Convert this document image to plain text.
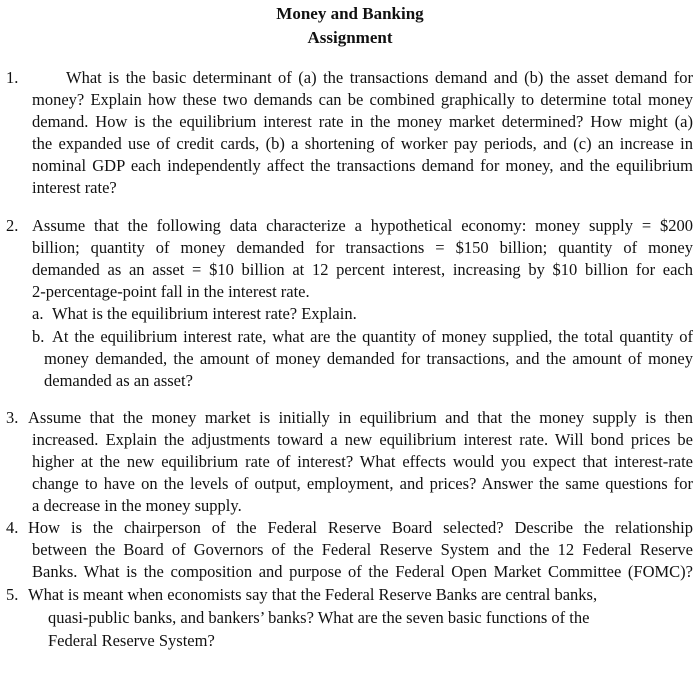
Money and Banking
Assignment
1.	What is the basic determinant of (a) the transactions demand and (b) the asset demand for
money? Explain how these two demands can be combined graphically to determine total money
demand. How is the equilibrium interest rate in the money market determined? How might (a)
the expanded use of credit cards, (b) a shortening of worker pay periods, and (c) an increase in
nominal GDP each independently affect the transactions demand for money, and the equilibrium
interest rate?
2. Assume that the following data characterize a hypothetical economy: money supply = $200
billion; quantity of money demanded for transactions = $150 billion; quantity of money
demanded as an asset = $10 billion at 12 percent interest, increasing by $10 billion for each
2-percentage-point fall in the interest rate.
a. What is the equilibrium interest rate? Explain.
b. At the equilibrium interest rate, what are the quantity of money supplied, the total quantity of
money demanded, the amount of money demanded for transactions, and the amount of money
demanded as an asset?
3. Assume that the money market is initially in equilibrium and that the money supply is then
increased. Explain the adjustments toward a new equilibrium interest rate. Will bond prices be
higher at the new equilibrium rate of interest? What effects would you expect that interest-rate
change to have on the levels of output, employment, and prices? Answer the same questions for
a decrease in the money supply.
4. How is the chairperson of the Federal Reserve Board selected? Describe the relationship
between the Board of Governors of the Federal Reserve System and the 12 Federal Reserve
Banks. What is the composition and purpose of the Federal Open Market Committee (FOMC)?
5. What is meant when economists say that the Federal Reserve Banks are central banks,
quasi-public banks, and bankers’ banks? What are the seven basic functions of the
Federal Reserve System?
